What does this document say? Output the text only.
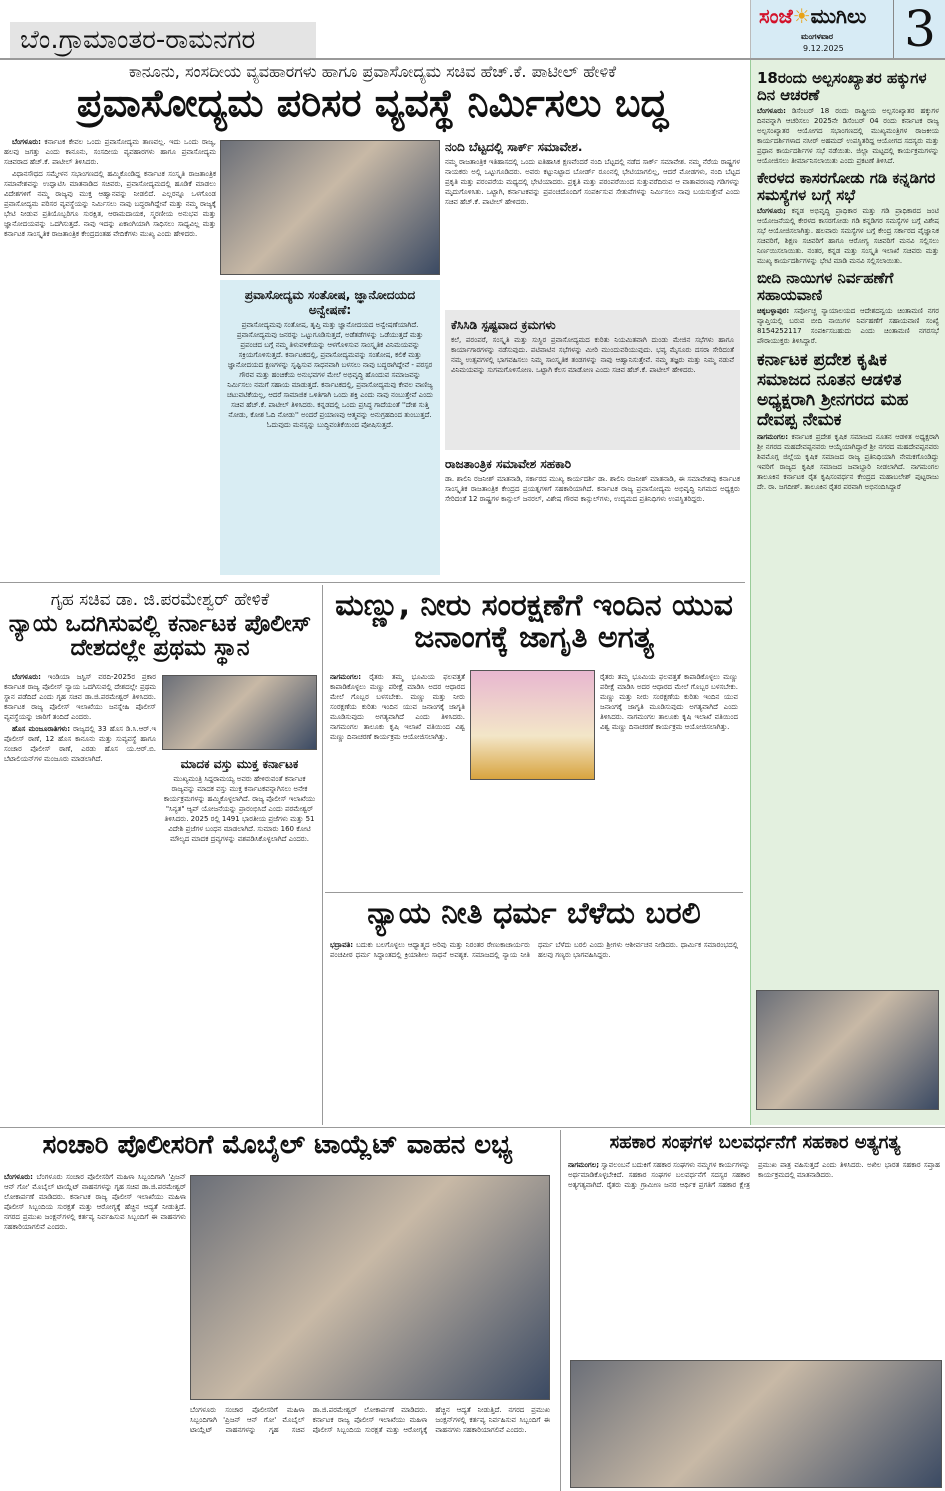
ಬೆಂ.ಗ್ರಾಮಾಂತರ-ರಾಮನಗರ
ಸಂಜೆ☀ಮುಗಿಲು
ಮಂಗಳವಾರ
9.12.2025 3
ಕಾನೂನು, ಸಂಸದೀಯ ವ್ಯವಹಾರಗಳು ಹಾಗೂ ಪ್ರವಾಸೋದ್ಯಮ ಸಚಿವ ಹೆಚ್.ಕೆ. ಪಾಟೀಲ್ ಹೇಳಿಕೆ
ಪ್ರವಾಸೋದ್ಯಮ ಪರಿಸರ ವ್ಯವಸ್ಥೆ ನಿರ್ಮಿಸಲು ಬದ್ಧ

ಬೆಂಗಳೂರು: ಕರ್ನಾಟಕ ಕೇವಲ ಒಂದು ಪ್ರವಾಸೋದ್ಯಮ ತಾಣವಲ್ಲ. ಇದು ಒಂದು ರಾಜ್ಯ, ಹಲವು ಜಗತ್ತು ಎಂದು ಕಾನೂನು, ಸಂಸದೀಯ ವ್ಯವಹಾರಗಳು ಹಾಗೂ ಪ್ರವಾಸೋದ್ಯಮ ಸಚಿವರಾದ ಹೆಚ್.ಕೆ. ಪಾಟೀಲ್ ತಿಳಿಸಿದರು.

ವಿಧಾನಸೌಧದ ಸಮ್ಮೇಳನ ಸಭಾಂಗಣದಲ್ಲಿ ಹಮ್ಮಿಕೊಂಡಿದ್ದ ಕರ್ನಾಟಕ ಸಂಸ್ಕೃತಿ ರಾಜತಾಂತ್ರಿಕ ಸಮಾವೇಶವನ್ನು ಉದ್ಘಾಟಿಸಿ ಮಾತನಾಡಿದ ಸಚಿವರು, ಪ್ರವಾಸೋದ್ಯಮದಲ್ಲಿ ಹೂಡಿಕೆ ಮಾಡಲು ವಿದೇಶಗಳಿಗೆ ನಮ್ಮ ರಾಜ್ಯವು ಮುಕ್ತ ಆಹ್ವಾನವನ್ನು ನೀಡಲಿದೆ. ಎಲ್ಲರನ್ನೂ ಒಳಗೊಂಡ ಪ್ರವಾಸೋದ್ಯಮ ಪರಿಸರ ವ್ಯವಸ್ಥೆಯನ್ನು ನಿರ್ಮಿಸಲು ನಾವು ಬದ್ಧರಾಗಿದ್ದೇವೆ ಮತ್ತು ನಮ್ಮ ರಾಜ್ಯಕ್ಕೆ ಭೇಟಿ ನೀಡುವ ಪ್ರತಿಯೊಬ್ಬರಿಗೂ ಸುರಕ್ಷಿತ, ಆರಾಮದಾಯಕ, ಸ್ಮರಣೀಯ ಅನುಭವ ಮತ್ತು ಜ್ಞಾನೋದಯವನ್ನು ಒದಗಿಸುತ್ತದೆ. ನಾವು ಇದನ್ನು ಏಕಾಂಗಿಯಾಗಿ ಸಾಧಿಸಲು ಸಾಧ್ಯವಿಲ್ಲ ಮತ್ತು ಕರ್ನಾಟಕ ಸಾಂಸ್ಕೃತಿಕ ರಾಜತಾಂತ್ರಿಕ ಕೇಂದ್ರದಂತಹ ವೇದಿಕೆಗಳು ಮುಖ್ಯ ಎಂದು ಹೇಳಿದರು.

ಪ್ರವಾಸೋದ್ಯಮ ಸಂತೋಷ, ಜ್ಞಾನೋದಯದ ಅನ್ವೇಷಣೆ:
ಪ್ರವಾಸೋದ್ಯಮವು ಸಂತೋಷ, ತೃಪ್ತಿ ಮತ್ತು ಜ್ಞಾನೋದಯದ ಅನ್ವೇಷಣೆಯಾಗಿದೆ. ಪ್ರವಾಸೋದ್ಯಮವು ಜನರನ್ನು ಒಟ್ಟುಗೂಡಿಸುತ್ತದೆ, ಅಡೆತಡೆಗಳನ್ನು ಒಡೆಯುತ್ತದೆ ಮತ್ತು ಪ್ರಪಂಚದ ಬಗ್ಗೆ ನಮ್ಮ ತಿಳುವಳಿಕೆಯನ್ನು ಆಳಗೊಳಿಸುವ ಸಾಂಸ್ಕೃತಿಕ ವಿನಿಮಯವನ್ನು ಸಕ್ರಿಯಗೊಳಿಸುತ್ತದೆ. ಕರ್ನಾಟಕದಲ್ಲಿ, ಪ್ರವಾಸೋದ್ಯಮವನ್ನು ಸಂತೋಷ, ಕಲಿಕೆ ಮತ್ತು ಜ್ಞಾನೋದಯದ ಕ್ಷಣಗಳನ್ನು ಸೃಷ್ಟಿಸುವ ಸಾಧನವಾಗಿ ಬಳಸಲು ನಾವು ಬದ್ಧರಾಗಿದ್ದೇವೆ - ಪರಸ್ಪರ ಗೌರವ ಮತ್ತು ಹಂಚಿಕೆಯ ಅನುಭವಗಳ ಮೇಲೆ ಅಭಿವೃದ್ಧಿ ಹೊಂದುವ ಸಮಾಜವನ್ನು ನಿರ್ಮಿಸಲು ನಮಗೆ ಸಹಾಯ ಮಾಡುತ್ತದೆ. ಕರ್ನಾಟಕದಲ್ಲಿ, ಪ್ರವಾಸೋದ್ಯಮವು ಕೇವಲ ವಾಣಿಜ್ಯ ಚಟುವಟಿಕೆಯಲ್ಲ, ಆದರೆ ಸಾಮಾಜಿಕ ಒಳಿತಿಗಾಗಿ ಒಂದು ಶಕ್ತಿ ಎಂದು ನಾವು ನಂಬುತ್ತೇವೆ ಎಂದು ಸಚಿವ ಹೆಚ್.ಕೆ. ಪಾಟೀಲ್ ತಿಳಿಸಿದರು. ಕನ್ನಡದಲ್ಲಿ ಒಂದು ಪ್ರಸಿದ್ಧ ಗಾದೆಯಂತೆ ''ದೇಶ ಸುತ್ತಿ ನೋಡು, ಕೋಶ ಓದಿ ನೋಡು'' ಅಂದರೆ ಪ್ರಯಾಣವು ಆತ್ಮವನ್ನು ಅನುಗ್ರಹದಿಂದ ತುಂಬುತ್ತದೆ. ಓದುವುದು ಮನಸ್ಸನ್ನು ಬುದ್ಧಿವಂತಿಕೆಯಿಂದ ಪೋಷಿಸುತ್ತದೆ.
ನಂದಿ ಬೆಟ್ಟದಲ್ಲಿ ಸಾರ್ಕ್ ಸಮಾವೇಶ.
ನಮ್ಮ ರಾಜತಾಂತ್ರಿಕ ಇತಿಹಾಸದಲ್ಲಿ ಒಂದು ಐತಿಹಾಸಿಕ ಕ್ಷಣವೆಂದರೆ ನಂದಿ ಬೆಟ್ಟದಲ್ಲಿ ನಡೆದ ಸಾರ್ಕ್ ಸಮಾವೇಶ. ನಮ್ಮ ನೆರೆಯ ರಾಷ್ಟ್ರಗಳ ನಾಯಕರು ಅಲ್ಲಿ ಒಟ್ಟುಗೂಡಿದರು. ಅವರು ಕಟ್ಟುನಿಟ್ಟಾದ ಬೋರ್ಡ್ ರೂಂನಲ್ಲಿ ಭೇಟಿಯಾಗಲಿಲ್ಲ, ಆದರೆ ಮೋಡಗಳು, ನಂದಿ ಬೆಟ್ಟದ ಪ್ರಕೃತಿ ಮತ್ತು ಪರಂಪರೆಯ ಮಧ್ಯದಲ್ಲಿ ಭೇಟಿಯಾದರು. ಪ್ರಕೃತಿ ಮತ್ತು ಪರಂಪರೆಯಿಂದ ಸುತ್ತುವರೆದಿರುವ ಆ ವಾತಾವರಣವು ಗಡಿಗಳನ್ನು ಮೃದುಗೊಳಿಸಿತು. ಒಟ್ಟಾಗಿ, ಕರ್ನಾಟಕವನ್ನು ಪ್ರಪಂಚದೊಂದಿಗೆ ಸಂಪರ್ಕಿಸುವ ಸೇತುವೆಗಳನ್ನು ನಿರ್ಮಿಸಲು ನಾವು ಬಯಸುತ್ತೇವೆ ಎಂದು ಸಚಿವ ಹೆಚ್.ಕೆ. ಪಾಟೀಲ್ ಹೇಳಿದರು.
ಕೆಸಿಸಿಡಿ ಸ್ಪಷ್ಟವಾದ ಕ್ರಮಗಳು
ಕಲೆ, ಪರಂಪರೆ, ಸಂಸ್ಕೃತಿ ಮತ್ತು ಸುಸ್ಥಿರ ಪ್ರವಾಸೋದ್ಯಮದ ಕುರಿತು ನಿಯಮಿತವಾಗಿ ದುಂಡು ಮೇಜಿನ ಸಭೆಗಳು ಹಾಗೂ ಕಾರ್ಯಾಗಾರಗಳನ್ನು ನಡೆಸುವುದು. ಪಟಿವಾಟಿನ ಸಭೆಗಳನ್ನು ಮೀರಿ ಮುಂದುವರಿಯುವುದು. ಭವ್ಯ ಮೈಸೂರು ದಸರಾ ಸೇರಿದಂತೆ ನಮ್ಮ ಉತ್ಸವಗಳಲ್ಲಿ ಭಾಗವಹಿಸಲು ನಿಮ್ಮ ಸಾಂಸ್ಕೃತಿಕ ತಂಡಗಳನ್ನು ನಾವು ಆಹ್ವಾನಿಸುತ್ತೇವೆ. ನಮ್ಮ ತಜ್ಞರು ಮತ್ತು ನಿಮ್ಮ ನಡುವೆ ವಿನಿಮಯವನ್ನು ಸುಗಮಗೊಳಿಸೋಣ. ಒಟ್ಟಾಗಿ ಕೆಲಸ ಮಾಡೋಣ ಎಂದು ಸಚಿವ ಹೆಚ್.ಕೆ. ಪಾಟೀಲ್ ಹೇಳಿದರು.
ರಾಜತಾಂತ್ರಿಕ ಸಮಾವೇಶ ಸಹಕಾರಿ
ಡಾ. ಶಾಲಿನಿ ರಜನೀಶ್ ಮಾತನಾಡಿ, ಸರ್ಕಾರದ ಮುಖ್ಯ ಕಾರ್ಯದರ್ಶಿ ಡಾ. ಶಾಲಿನಿ ರಜನೀಶ್ ಮಾತನಾಡಿ, ಈ ಸಮಾವೇಶವು ಕರ್ನಾಟಕ ಸಾಂಸ್ಕೃತಿಕ ರಾಜತಾಂತ್ರಿಕ ಕೇಂದ್ರದ ಪ್ರಯತ್ನಗಳಿಗೆ ಸಹಕಾರಿಯಾಗಿದೆ. ಕರ್ನಾಟಕ ರಾಜ್ಯ ಪ್ರವಾಸೋದ್ಯಮ ಅಭಿವೃದ್ಧಿ ನಿಗಮದ ಅಧ್ಯಕ್ಷರು ಸೇರಿದಂತೆ 12 ರಾಷ್ಟ್ರಗಳ ಕಾನ್ಸುಲ್ ಜನರಲ್, ವಿಶೇಷ ಗೌರವ ಕಾನ್ಸುಲ್‌ಗಳು, ಉದ್ಯಮದ ಪ್ರತಿನಿಧಿಗಳು ಉಪಸ್ಥಿತರಿದ್ದರು.
18ರಂದು ಅಲ್ಪಸಂಖ್ಯಾತರ ಹಕ್ಕುಗಳ ದಿನ ಆಚರಣೆ
ಬೆಂಗಳೂರು: ಡಿಸೆಂಬರ್ 18 ರಂದು ರಾಷ್ಟ್ರೀಯ ಅಲ್ಪಸಂಖ್ಯಾತರ ಹಕ್ಕುಗಳ ದಿನವನ್ನಾಗಿ ಆಚರಿಸಲು 2025ನೇ ಡಿಸೆಂಬರ್ 04 ರಂದು ಕರ್ನಾಟಕ ರಾಜ್ಯ ಅಲ್ಪಸಂಖ್ಯಾತರ ಆಯೋಗದ ಸಭಾಂಗಣದಲ್ಲಿ ಮುಖ್ಯಮಂತ್ರಿಗಳ ರಾಜಕೀಯ ಕಾರ್ಯದರ್ಶಿಗಳಾದ ನಸೀರ್ ಅಹಮದ್ ಉಪಸ್ಥಿತರಿದ್ದ ಆಯೋಗದ ಸದಸ್ಯರು ಮತ್ತು ಪ್ರಧಾನ ಕಾರ್ಯದರ್ಶಿಗಳ ಸಭೆ ನಡೆಯಿತು. ಜಿಲ್ಲಾ ಮಟ್ಟದಲ್ಲಿ ಕಾರ್ಯಕ್ರಮಗಳನ್ನು ಆಯೋಜಿಸಲು ತೀರ್ಮಾನಿಸಲಾಯಿತು ಎಂದು ಪ್ರಕಟಣೆ ತಿಳಿಸಿದೆ.
ಕೇರಳದ ಕಾಸರಗೋಡು ಗಡಿ ಕನ್ನಡಿಗರ ಸಮಸ್ಯೆಗಳ ಬಗ್ಗೆ ಸಭೆ
ಬೆಂಗಳೂರು; ಕನ್ನಡ ಅಭಿವೃದ್ಧಿ ಪ್ರಾಧಿಕಾರ ಮತ್ತು ಗಡಿ ಪ್ರಾಧಿಕಾರದ ಜಂಟಿ ಆಯೋಜನೆಯಲ್ಲಿ ಕೇರಳದ ಕಾಸರಗೋಡು ಗಡಿ ಕನ್ನಡಿಗರ ಸಮಸ್ಯೆಗಳ ಬಗ್ಗೆ ವಿಶೇಷ ಸಭೆ ಆಯೋಜಿಸಲಾಗಿತ್ತು. ಹಲವಾರು ಸಮಸ್ಯೆಗಳ ಬಗ್ಗೆ ಕೇಂದ್ರ ಸರ್ಕಾರದ ವೈಜ್ಞಾನಿಕ ಸಚಿವರಿಗೆ, ಶಿಕ್ಷಣ ಸಚಿವರಿಗೆ ಹಾಗೂ ಆರೋಗ್ಯ ಸಚಿವರಿಗೆ ಮನವಿ ಸಲ್ಲಿಸಲು ನಿರ್ಣಯಿಸಲಾಯಿತು. ನಂತರ, ಕನ್ನಡ ಮತ್ತು ಸಂಸ್ಕೃತಿ ಇಲಾಖೆ ಸಚಿವರು ಮತ್ತು ಮುಖ್ಯ ಕಾರ್ಯದರ್ಶಿಗಳನ್ನು ಭೇಟಿ ಮಾಡಿ ಮನವಿ ಸಲ್ಲಿಸಲಾಯಿತು.
ಬೀದಿ ನಾಯಿಗಳ ನಿರ್ವಹಣೆಗೆ ಸಹಾಯವಾಣಿ
ಚಿಕ್ಕಬಳ್ಳಾಪುರ: ಸರ್ವೋಚ್ಚ ನ್ಯಾಯಾಲಯದ ಆದೇಶದನ್ವಯ ಚಿಂತಾಮಣಿ ನಗರ ವ್ಯಾಪ್ತಿಯಲ್ಲಿ ಬರುವ ಬೀದಿ ನಾಯಿಗಳ ನಿರ್ವಹಣೆಗೆ ಸಹಾಯವಾಣಿ ಸಂಖ್ಯೆ 8154252117 ಸಂಪರ್ಕಿಸಬಹುದು ಎಂದು ಚಿಂತಾಮಣಿ ನಗರಸಭೆ ಪೌರಾಯುಕ್ತರು ತಿಳಿಸಿದ್ದಾರೆ.
ಕರ್ನಾಟಕ ಪ್ರದೇಶ ಕೃಷಿಕ ಸಮಾಜದ ನೂತನ ಆಡಳಿತ ಅಧ್ಯಕ್ಷರಾಗಿ ಶ್ರೀನಗರದ ಮಹ ದೇವಪ್ಪ ನೇಮಕ
ನಾಗಮಂಗಲ: ಕರ್ನಾಟಕ ಪ್ರದೇಶ ಕೃಷಿಕ ಸಮಾಜದ ನೂತನ ಆಡಳಿತ ಅಧ್ಯಕ್ಷರಾಗಿ ಶ್ರೀ ನಗರದ ಮಹದೇವಪ್ಪನವರು ಆಯ್ಕೆಯಾಗಿದ್ದಾರೆ ಶ್ರೀ ನಗರದ ಮಹದೇವಪ್ಪನವರು ಶಿವಮೊಗ್ಗ ಜಿಲ್ಲೆಯ ಕೃಷಿಕ ಸಮಾಜದ ರಾಜ್ಯ ಪ್ರತಿನಿಧಿಯಾಗಿ ನೇಮಕಗೊಂಡಿದ್ದು ಇವರಿಗೆ ರಾಜ್ಯದ ಕೃಷಿಕ ಸಮಾಜದ ಜವಾಬ್ದಾರಿ ನೀಡಲಾಗಿದೆ. ನಾಗಮಂಗಲ ತಾಲೂಕಿನ ಕರ್ನಾಟಕ ರೈತ ಕೃಷಿಸಂವರ್ಧನ ಕೇಂದ್ರದ ಮಹಾಬಲೇಶ್ ಪುಟ್ಟರಾಜು ದೇ. ರಾ. ಜಗದೀಶ್. ತಾಲೂಕಿನ ರೈತರ ಪರವಾಗಿ ಅಭಿನಂದಿಸಿದ್ದಾರೆ
ಗೃಹ ಸಚಿವ ಡಾ. ಜಿ.ಪರಮೇಶ್ವರ್ ಹೇಳಿಕೆ
ನ್ಯಾಯ ಒದಗಿಸುವಲ್ಲಿ ಕರ್ನಾಟಕ ಪೊಲೀಸ್ ದೇಶದಲ್ಲೇ ಪ್ರಥಮ ಸ್ಥಾನ

ಬೆಂಗಳೂರು: ಇಂಡಿಯಾ ಜಸ್ಟಿಸ್ ವರದಿ-2025ರ ಪ್ರಕಾರ ಕರ್ನಾಟಕ ರಾಜ್ಯ ಪೊಲೀಸ್ ನ್ಯಾಯ ಒದಗಿಸುವಲ್ಲಿ ದೇಶದಲ್ಲೇ ಪ್ರಥಮ ಸ್ಥಾನ ಪಡೆದಿದೆ ಎಂದು ಗೃಹ ಸಚಿವ ಡಾ.ಜಿ.ಪರಮೇಶ್ವರ್ ತಿಳಿಸಿದರು. ಕರ್ನಾಟಕ ರಾಜ್ಯ ಪೊಲೀಸ್ ಇಲಾಖೆಯು ಜನಸ್ನೇಹಿ ಪೊಲೀಸ್ ವ್ಯವಸ್ಥೆಯನ್ನು ಜಾರಿಗೆ ತಂದಿದೆ ಎಂದರು.

ಹೊಸ ಮಂಜೂರಾತಿಗಳು: ರಾಜ್ಯದಲ್ಲಿ 33 ಹೊಸ ಡಿ.ಸಿ.ಆರ್.ಇ ಪೊಲೀಸ್ ಠಾಣೆ, 12 ಹೊಸ ಕಾನೂನು ಮತ್ತು ಸುವ್ಯವಸ್ಥೆ ಹಾಗೂ ಸಂಚಾರ ಪೊಲೀಸ್ ಠಾಣೆ, ಎರಡು ಹೊಸ ಯ.ಆರ್.ಬಿ. ಬೆಟಾಲಿಯನ್‌ಗಳ ಮಂಜೂರು ಮಾಡಲಾಗಿದೆ.	ಮಾದಕ ವಸ್ತು ಮುಕ್ತ ಕರ್ನಾಟಕ
ಮುಖ್ಯಮಂತ್ರಿ ಸಿದ್ದರಾಮಯ್ಯ ಅವರು ಹೇಳಿರುವಂತೆ ಕರ್ನಾಟಕ ರಾಜ್ಯವನ್ನು ಮಾದಕ ವಸ್ತು ಮುಕ್ತ ಕರ್ನಾಟಕವನ್ನಾಗಿಸಲು ಅನೇಕ ಕಾರ್ಯಕ್ರಮಗಳನ್ನು ಹಮ್ಮಿಕೊಳ್ಳಲಾಗಿದೆ. ರಾಜ್ಯ ಪೊಲೀಸ್ ಇಲಾಖೆಯು "ಸಿನ್ಯತ" ಆ್ಯಪ್ ಯೋಜನೆಯನ್ನು ಪ್ರಾರಂಭಿಸಿದೆ ಎಂದು ಪರಮೇಶ್ವರ್ ತಿಳಿಸಿದರು. 2025 ರಲ್ಲಿ 1491 ಭಾರತೀಯ ಪ್ರಜೆಗಳು ಮತ್ತು 51 ವಿದೇಶಿ ಪ್ರಜೆಗಳ ಬಂಧನ ಮಾಡಲಾಗಿದೆ. ಸುಮಾರು 160 ಕೋಟಿ ಮೌಲ್ಯದ ಮಾದಕ ದ್ರವ್ಯಗಳನ್ನು ವಶಪಡಿಸಿಕೊಳ್ಳಲಾಗಿದೆ ಎಂದರು.
ಮಣ್ಣು, ನೀರು ಸಂರಕ್ಷಣೆಗೆ ಇಂದಿನ ಯುವ ಜನಾಂಗಕ್ಕೆ ಜಾಗೃತಿ ಅಗತ್ಯ
ನಾಗಮಂಗಲ: ರೈತರು ತಮ್ಮ ಭೂಮಿಯ ಫಲವತ್ತತೆ ಕಾಪಾಡಿಕೊಳ್ಳಲು ಮಣ್ಣು ಪರೀಕ್ಷೆ ಮಾಡಿಸಿ ಅದರ ಆಧಾರದ ಮೇಲೆ ಗೊಬ್ಬರ ಬಳಸಬೇಕು. ಮಣ್ಣು ಮತ್ತು ನೀರು ಸಂರಕ್ಷಣೆಯ ಕುರಿತು ಇಂದಿನ ಯುವ ಜನಾಂಗಕ್ಕೆ ಜಾಗೃತಿ ಮೂಡಿಸುವುದು ಅಗತ್ಯವಾಗಿದೆ ಎಂದು ತಿಳಿಸಿದರು. ನಾಗಮಂಗಲ ತಾಲೂಕು ಕೃಷಿ ಇಲಾಖೆ ವತಿಯಿಂದ ವಿಶ್ವ ಮಣ್ಣು ದಿನಾಚರಣೆ ಕಾರ್ಯಕ್ರಮ ಆಯೋಜಿಸಲಾಗಿತ್ತು.
ರೈತರು ತಮ್ಮ ಭೂಮಿಯ ಫಲವತ್ತತೆ ಕಾಪಾಡಿಕೊಳ್ಳಲು ಮಣ್ಣು ಪರೀಕ್ಷೆ ಮಾಡಿಸಿ ಅದರ ಆಧಾರದ ಮೇಲೆ ಗೊಬ್ಬರ ಬಳಸಬೇಕು. ಮಣ್ಣು ಮತ್ತು ನೀರು ಸಂರಕ್ಷಣೆಯ ಕುರಿತು ಇಂದಿನ ಯುವ ಜನಾಂಗಕ್ಕೆ ಜಾಗೃತಿ ಮೂಡಿಸುವುದು ಅಗತ್ಯವಾಗಿದೆ ಎಂದು ತಿಳಿಸಿದರು. ನಾಗಮಂಗಲ ತಾಲೂಕು ಕೃಷಿ ಇಲಾಖೆ ವತಿಯಿಂದ ವಿಶ್ವ ಮಣ್ಣು ದಿನಾಚರಣೆ ಕಾರ್ಯಕ್ರಮ ಆಯೋಜಿಸಲಾಗಿತ್ತು.
ನ್ಯಾಯ ನೀತಿ ಧರ್ಮ ಬೆಳೆದು ಬರಲಿ
ಭದ್ರಾವತಿ: ಬದುಕು ಬಲಗೊಳ್ಳಲು ಆಧ್ಯಾತ್ಮದ ಅರಿವು ಮತ್ತು ನಿರಂತರ ರೇಣುಕಾಚಾರ್ಯರು ಪಂಚಪೀಠ ಧರ್ಮ ಸಿದ್ಧಾಂತದಲ್ಲಿ ಕ್ರಿಯಾಶೀಲ ಸಾಧನೆ ಅವಶ್ಯಕ. ಸಮಾಜದಲ್ಲಿ ನ್ಯಾಯ ನೀತಿ ಧರ್ಮ ಬೆಳೆದು ಬರಲಿ ಎಂದು ಶ್ರೀಗಳು ಆಶೀರ್ವಚನ ನೀಡಿದರು. ಧಾರ್ಮಿಕ ಸಮಾರಂಭದಲ್ಲಿ ಹಲವು ಗಣ್ಯರು ಭಾಗವಹಿಸಿದ್ದರು.
ಸಂಚಾರಿ ಪೊಲೀಸರಿಗೆ ಮೊಬೈಲ್ ಟಾಯ್ಲೆಟ್ ವಾಹನ ಲಭ್ಯ
ಬೆಂಗಳೂರು: ಬೆಂಗಳೂರು ಸಂಚಾರ ಪೊಲೀಸರಿಗೆ ಮಹಿಳಾ ಸಿಬ್ಬಂದಿಗಾಗಿ 'ಪ್ರಿಜನ್ ಆನ್ ಗೋ' ಮೊಬೈಲ್ ಟಾಯ್ಲೆಟ್ ವಾಹನಗಳನ್ನು ಗೃಹ ಸಚಿವ ಡಾ.ಜಿ.ಪರಮೇಶ್ವರ್ ಲೋಕಾರ್ಪಣೆ ಮಾಡಿದರು. ಕರ್ನಾಟಕ ರಾಜ್ಯ ಪೊಲೀಸ್ ಇಲಾಖೆಯು ಮಹಿಳಾ ಪೊಲೀಸ್ ಸಿಬ್ಬಂದಿಯ ಸುರಕ್ಷತೆ ಮತ್ತು ಆರೋಗ್ಯಕ್ಕೆ ಹೆಚ್ಚಿನ ಆದ್ಯತೆ ನೀಡುತ್ತಿದೆ. ನಗರದ ಪ್ರಮುಖ ಜಂಕ್ಷನ್‌ಗಳಲ್ಲಿ ಕರ್ತವ್ಯ ನಿರ್ವಹಿಸುವ ಸಿಬ್ಬಂದಿಗೆ ಈ ವಾಹನಗಳು ಸಹಕಾರಿಯಾಗಲಿವೆ ಎಂದರು.
ಬೆಂಗಳೂರು ಸಂಚಾರ ಪೊಲೀಸರಿಗೆ ಮಹಿಳಾ ಸಿಬ್ಬಂದಿಗಾಗಿ 'ಪ್ರಿಜನ್ ಆನ್ ಗೋ' ಮೊಬೈಲ್ ಟಾಯ್ಲೆಟ್ ವಾಹನಗಳನ್ನು ಗೃಹ ಸಚಿವ ಡಾ.ಜಿ.ಪರಮೇಶ್ವರ್ ಲೋಕಾರ್ಪಣೆ ಮಾಡಿದರು. ಕರ್ನಾಟಕ ರಾಜ್ಯ ಪೊಲೀಸ್ ಇಲಾಖೆಯು ಮಹಿಳಾ ಪೊಲೀಸ್ ಸಿಬ್ಬಂದಿಯ ಸುರಕ್ಷತೆ ಮತ್ತು ಆರೋಗ್ಯಕ್ಕೆ ಹೆಚ್ಚಿನ ಆದ್ಯತೆ ನೀಡುತ್ತಿದೆ. ನಗರದ ಪ್ರಮುಖ ಜಂಕ್ಷನ್‌ಗಳಲ್ಲಿ ಕರ್ತವ್ಯ ನಿರ್ವಹಿಸುವ ಸಿಬ್ಬಂದಿಗೆ ಈ ವಾಹನಗಳು ಸಹಕಾರಿಯಾಗಲಿವೆ ಎಂದರು.
ಸಹಕಾರ ಸಂಘಗಳ ಬಲವರ್ಧನೆಗೆ ಸಹಕಾರ ಅತ್ಯಗತ್ಯ
ನಾಗಮಂಗಲ; ಸ್ವಾವಲಂಬನೆ ಬದುಕಿಗೆ ಸಹಕಾರ ಸಂಘಗಳು ನಮ್ಮಗಳ ಕಾರ್ಯಗಳನ್ನು ಅರ್ಥಮಾಡಿಕೊಳ್ಳಬೇಕಿದೆ. ಸಹಕಾರ ಸಂಘಗಳ ಬಲವರ್ಧನೆಗೆ ಸದಸ್ಯರ ಸಹಕಾರ ಅತ್ಯಗತ್ಯವಾಗಿದೆ. ರೈತರು ಮತ್ತು ಗ್ರಾಮೀಣ ಜನರ ಆರ್ಥಿಕ ಪ್ರಗತಿಗೆ ಸಹಕಾರ ಕ್ಷೇತ್ರ ಪ್ರಮುಖ ಪಾತ್ರ ವಹಿಸುತ್ತದೆ ಎಂದು ತಿಳಿಸಿದರು. ಅಖಿಲ ಭಾರತ ಸಹಕಾರ ಸಪ್ತಾಹ ಕಾರ್ಯಕ್ರಮದಲ್ಲಿ ಮಾತನಾಡಿದರು.
